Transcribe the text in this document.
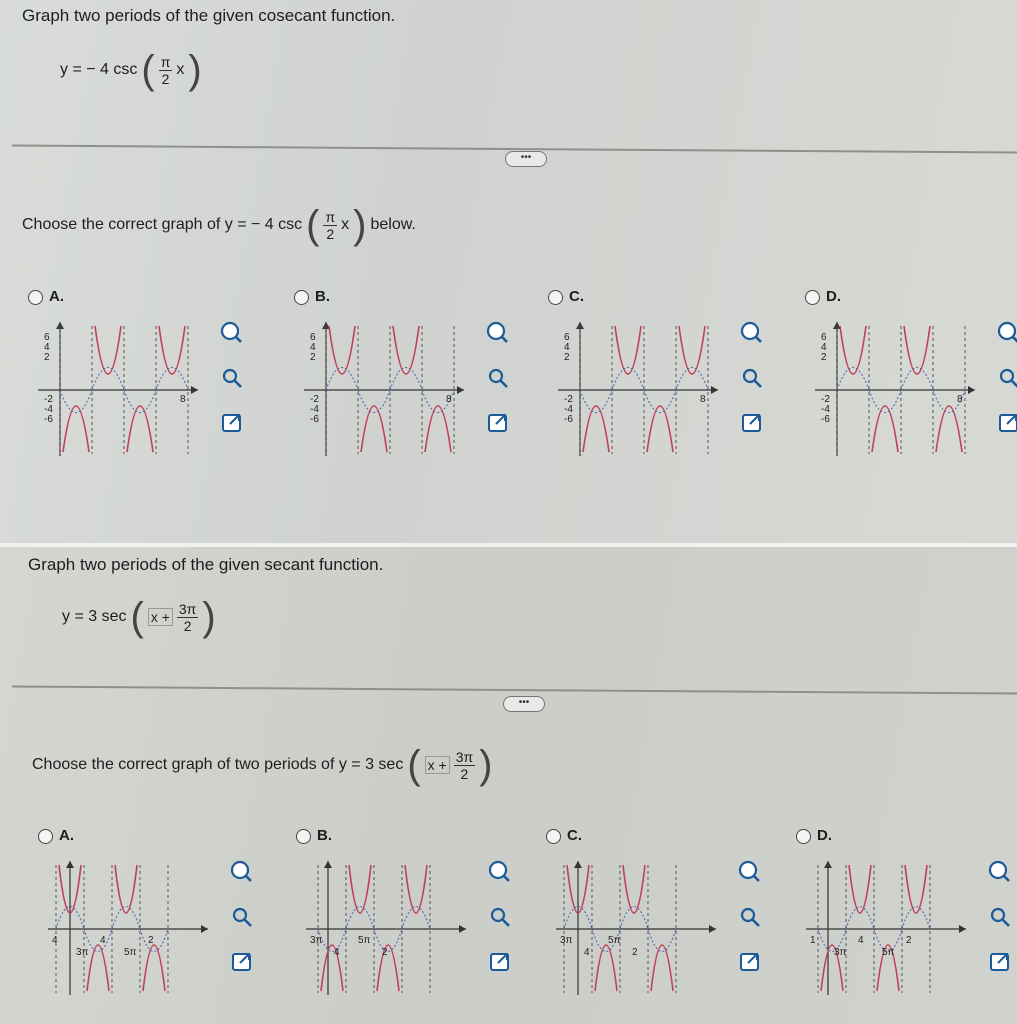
Graph two periods of the given cosecant function.
y = − 4 csc ( $\frac{\pi}{2}$ x )
•••
Choose the correct graph of y = − 4 csc ( $\frac{\pi}{2}$ x ) below.
A.
6
4
2
-2
-4
-6
8
B.
6
4
2
-2
-4
-6
8
C.
6
4
2
-2
-4
-6
8
D.
6
4
2
-2
-4
-6
8
Graph two periods of the given secant function.
y = 3 sec ( $x + \frac{3\pi}{2}$ )
•••
Choose the correct graph of two periods of y = 3 sec ( $x + \frac{3\pi}{2}$ )
A.
4
3π
4
5π
2
B.
3π
4
5π
2
C.
3π
4
5π
2
D.
1
3π
4
5π
2
